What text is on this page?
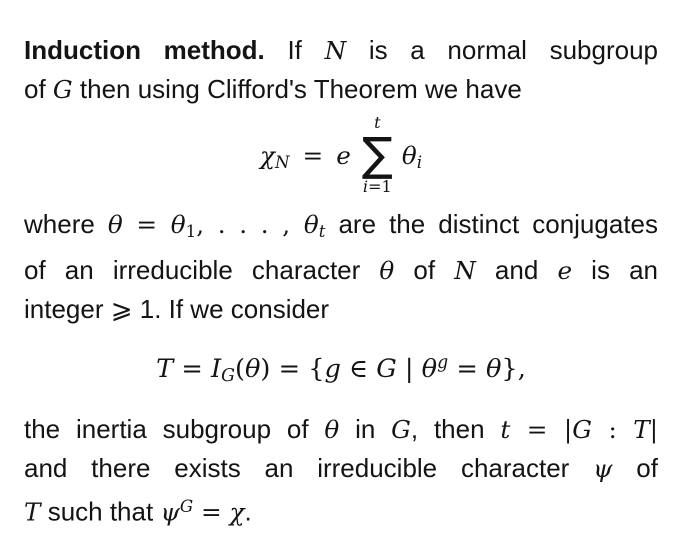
Induction method. If N is a normal subgroup
of G then using Clifford's Theorem we have
$\chi_N = e$
t
∑
i=1
$\theta_i$
where $\theta = \theta_1$, . . . , $\theta_t$ are the distinct conjugates
of an irreducible character θ of N and e is an
integer ⩾ 1. If we consider
$T = I_G(\theta) = \{g$ ∈ G | $\theta^g = \theta$},
the inertia subgroup of θ in G, then t = |G : T|
and there exists an irreducible character ψ of
T such that $\psi^G = \chi$.
